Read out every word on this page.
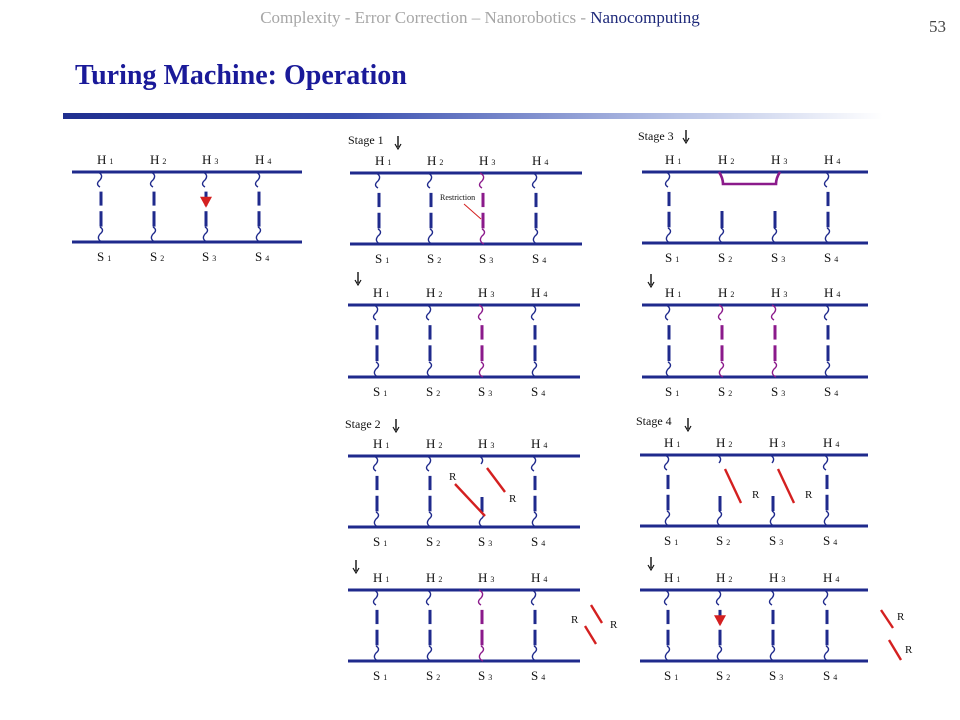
Complexity - Error Correction – Nanorobotics - Nanocomputing	53
Turing Machine: Operation
H 1
S 1
H 2
S 2
H 3
S 3
H 4
S 4
Stage 1
H 1
S 1
H 2
S 2
H 3
S 3
H 4
S 4
Restriction
H 1
S 1
H 2
S 2
H 3
S 3
H 4
S 4
Stage 2
H 1
S 1
H 2
S 2
H 3
S 3
H 4
S 4
R
R
H 1
S 1
H 2
S 2
H 3
S 3
H 4
S 4
R	R
Stage 3
H 1
S 1
H 2
S 2
H 3
S 3
H 4
S 4
H 1
S 1
H 2
S 2
H 3
S 3
H 4
S 4
Stage 4
H 1
S 1
H 2
S 2
H 3
S 3
H 4
S 4
R	R
H 1
S 1
H 2
S 2
H 3
S 3
H 4
S 4
R
R
